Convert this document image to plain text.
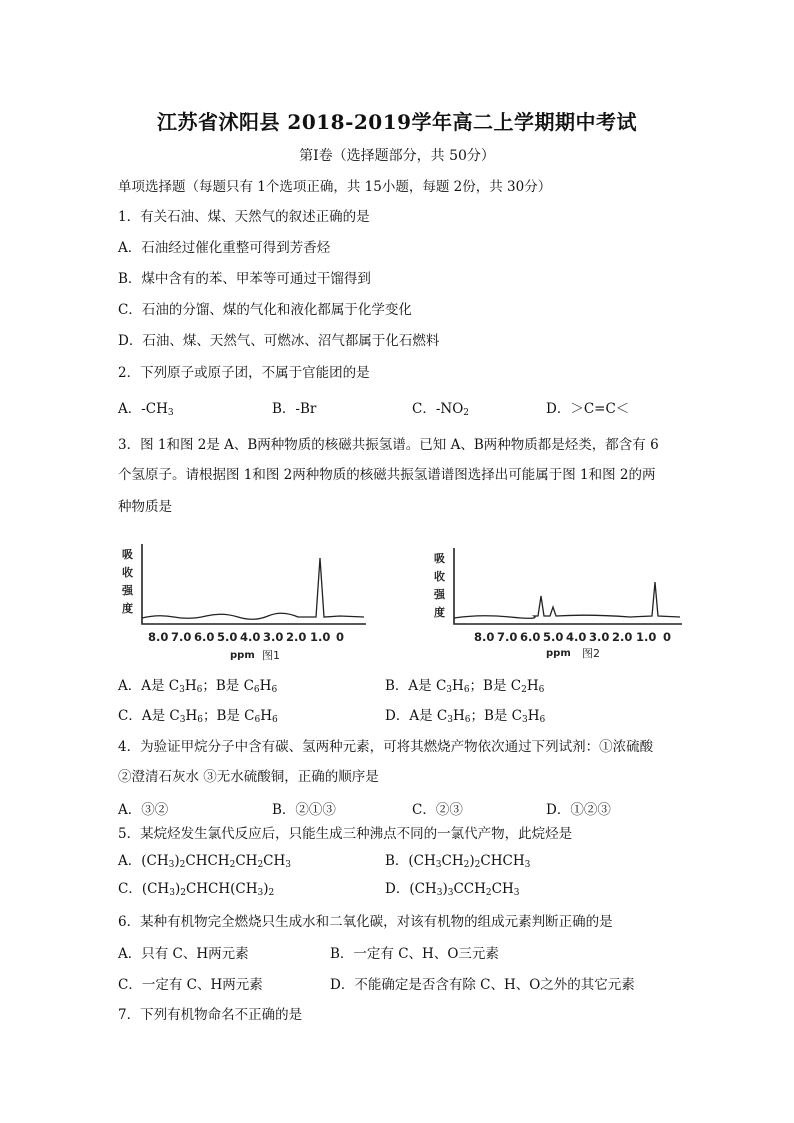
江苏省沭阳县 2018-2019学年高二上学期期中考试
第Ⅰ卷（选择题部分，共 50分）
单项选择题（每题只有 1个选项正确，共 15小题，每题 2份，共 30分）
1．有关石油、煤、天然气的叙述正确的是
A．石油经过催化重整可得到芳香烃
B．煤中含有的苯、甲苯等可通过干馏得到
C．石油的分馏、煤的气化和液化都属于化学变化
D．石油、煤、天然气、可燃冰、沼气都属于化石燃料
2．下列原子或原子团，不属于官能团的是
A．$-CH_3$	B．-Br	C．$-NO_2$	D．＞C=C＜
3．图 1和图 2是 A、B两种物质的核磁共振氢谱。已知 A、B两种物质都是烃类，都含有 6
个氢原子。请根据图 1和图 2两种物质的核磁共振氢谱谱图选择出可能属于图 1和图 2的两
种物质是
吸
收
强
度
8.0 7.0 6.0 5.0 4.0 3.0 2.0 1.0 0
ppm 图1
吸
收
强
度
8.0 7.0 6.0 5.0 4.0 3.0 2.0 1.0 0
ppm 图2
A．A是 $C_3H_6$；B是 $C_6H_6$	B．A是 $C_3H_6$；B是 $C_2H_6$
C．A是 $C_3H_6$；B是 $C_6H_6$	D．A是 $C_3H_6$；B是 $C_3H_6$
4．为验证甲烷分子中含有碳、氢两种元素，可将其燃烧产物依次通过下列试剂：①浓硫酸
②澄清石灰水 ③无水硫酸铜，正确的顺序是
A．③②	B．②①③	C．②③	D．①②③
5．某烷烃发生氯代反应后，只能生成三种沸点不同的一氯代产物，此烷烃是
A．$(CH_3)_2CHCH_2CH_2CH_3$	B．$(CH_3CH_2)_2CHCH_3$
C．$(CH_3)_2CHCH(CH_3)_2$	D．$(CH_3)_3CCH_2CH_3$
6．某种有机物完全燃烧只生成水和二氧化碳，对该有机物的组成元素判断正确的是
A．只有 C、H两元素	B．一定有 C、H、O三元素
C．一定有 C、H两元素	D．不能确定是否含有除 C、H、O之外的其它元素
7．下列有机物命名不正确的是
